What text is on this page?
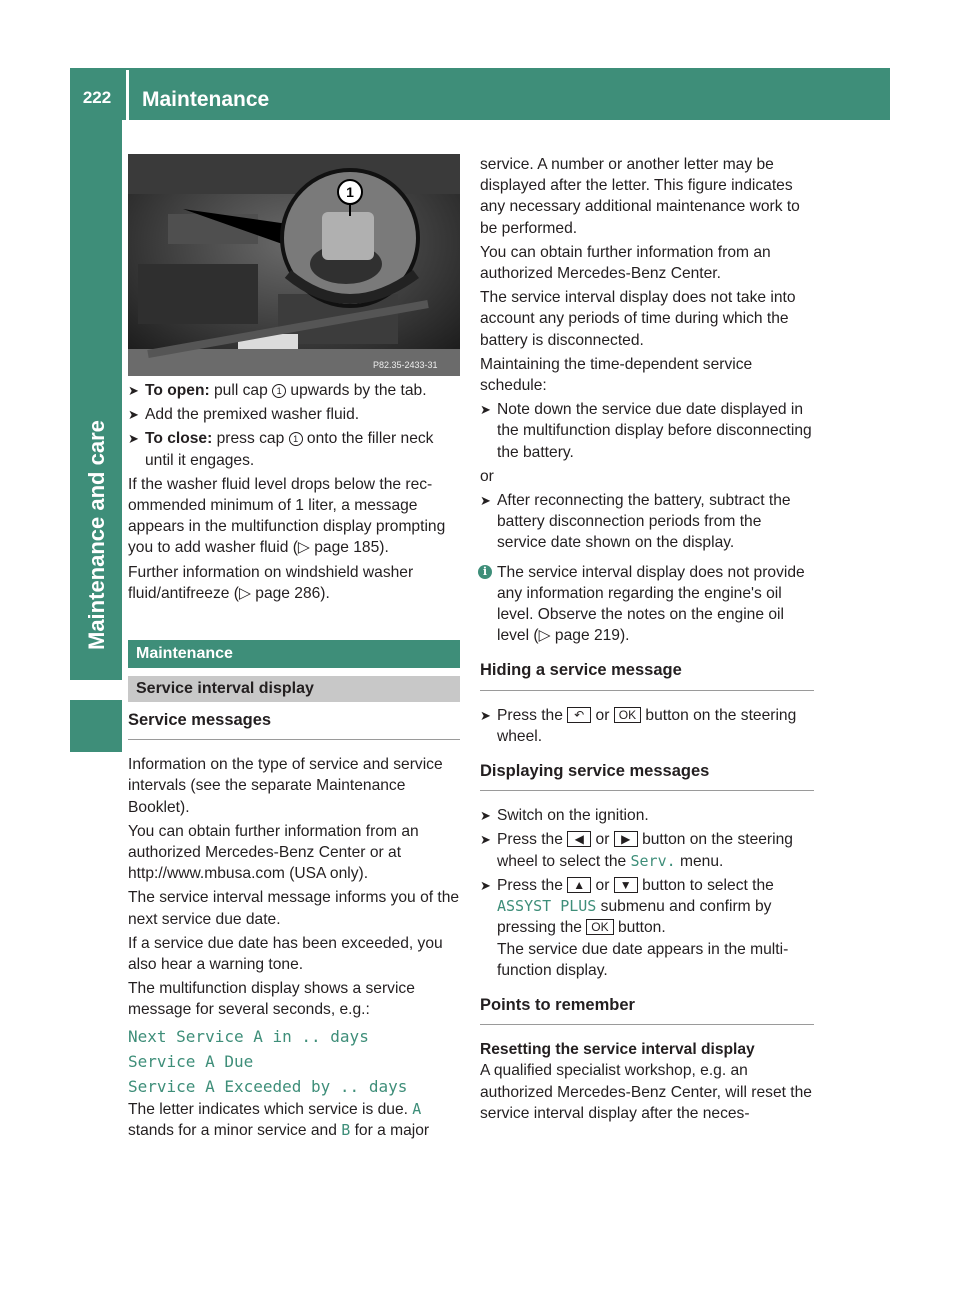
222	Maintenance
Maintenance and care
1
P82.35-2433-31
➤ To open: pull cap 1 upwards by the tab.
➤ Add the premixed washer fluid.
➤ To close: press cap 1 onto the filler neck until it engages.

If the washer fluid level drops below the recommended minimum of 1 liter, a message appears in the multifunction display prompting you to add washer fluid (▷ page 185).

Further information on windshield washer fluid/antifreeze (▷ page 286).

Maintenance
Service interval display
Service messages

Information on the type of service and service intervals (see the separate Maintenance Booklet).

You can obtain further information from an authorized Mercedes-Benz Center or at http://www.mbusa.com (USA only).

The service interval message informs you of the next service due date.

If a service due date has been exceeded, you also hear a warning tone.

The multifunction display shows a service message for several seconds, e.g.:

Next Service A in .. days
Service A Due
Service A Exceeded by .. days

The letter indicates which service is due. A stands for a minor service and B for a major

service. A number or another letter may be displayed after the letter. This figure indicates any necessary additional maintenance work to be performed.

You can obtain further information from an authorized Mercedes-Benz Center.

The service interval display does not take into account any periods of time during which the battery is disconnected.

Maintaining the time-dependent service schedule:

➤ Note down the service due date displayed in the multifunction display before disconnecting the battery.

or

➤ After reconnecting the battery, subtract the battery disconnection periods from the service date shown on the display.
i The service interval display does not provide any information regarding the engine's oil level. Observe the notes on the engine oil level (▷ page 219).
Hiding a service message
➤ Press the ↶ or OK button on the steering wheel.
Displaying service messages
➤ Switch on the ignition.
➤ Press the ◀ or ▶ button on the steering wheel to select the Serv. menu.
➤ Press the ▲ or ▼ button to select the ASSYST PLUS submenu and confirm by pressing the OK button.
The service due date appears in the multifunction display.
Points to remember
Resetting the service interval display

A qualified specialist workshop, e.g. an authorized Mercedes-Benz Center, will reset the service interval display after the neces-
